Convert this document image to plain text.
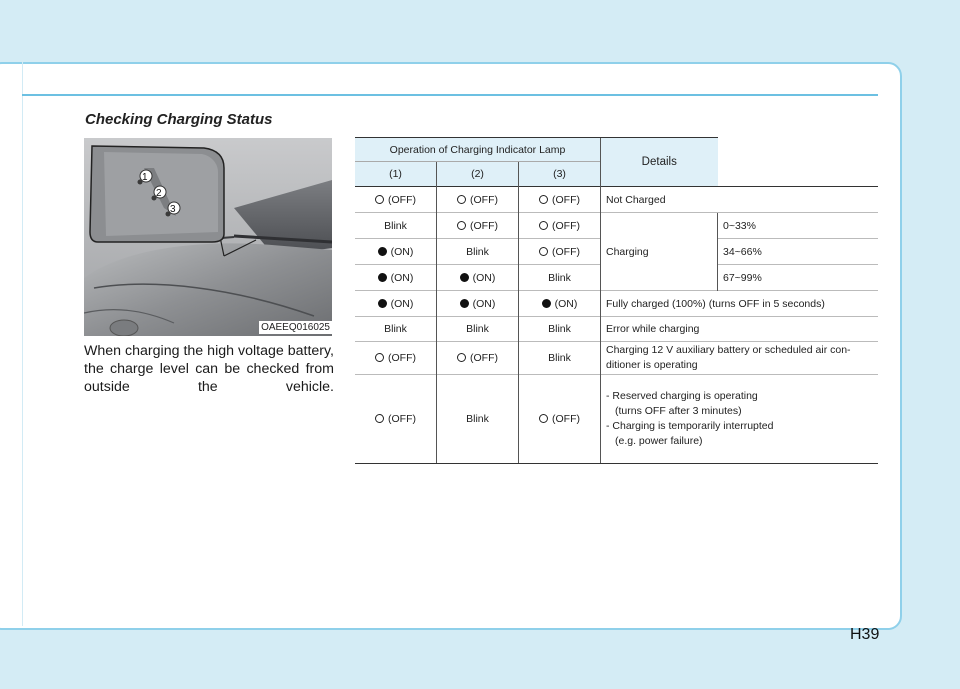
Checking Charging Status
1
2
3
OAEEQ016025
When charging the high voltage battery, the charge level can be checked from outside the vehicle.
Operation of Charging Indicator Lamp			Details	
(1)	(2)	(3)		
(OFF)	(OFF)	(OFF)	Not Charged	
Blink	(OFF)	(OFF)	Charging	0~33%
(ON)	Blink	(OFF)		34~66%
(ON)	(ON)	Blink		67~99%
(ON)	(ON)	(ON)	Fully charged (100%) (turns OFF in 5 seconds)	
Blink	Blink	Blink	Error while charging	
(OFF)	(OFF)	Blink	Charging 12 V auxiliary battery or scheduled air con-
ditioner is operating	

(OFF)	Blink	(OFF)	- Reserved charging is operating
(turns OFF after 3 minutes)
- Charging is temporarily interrupted
(e.g. power failure)	
H39
